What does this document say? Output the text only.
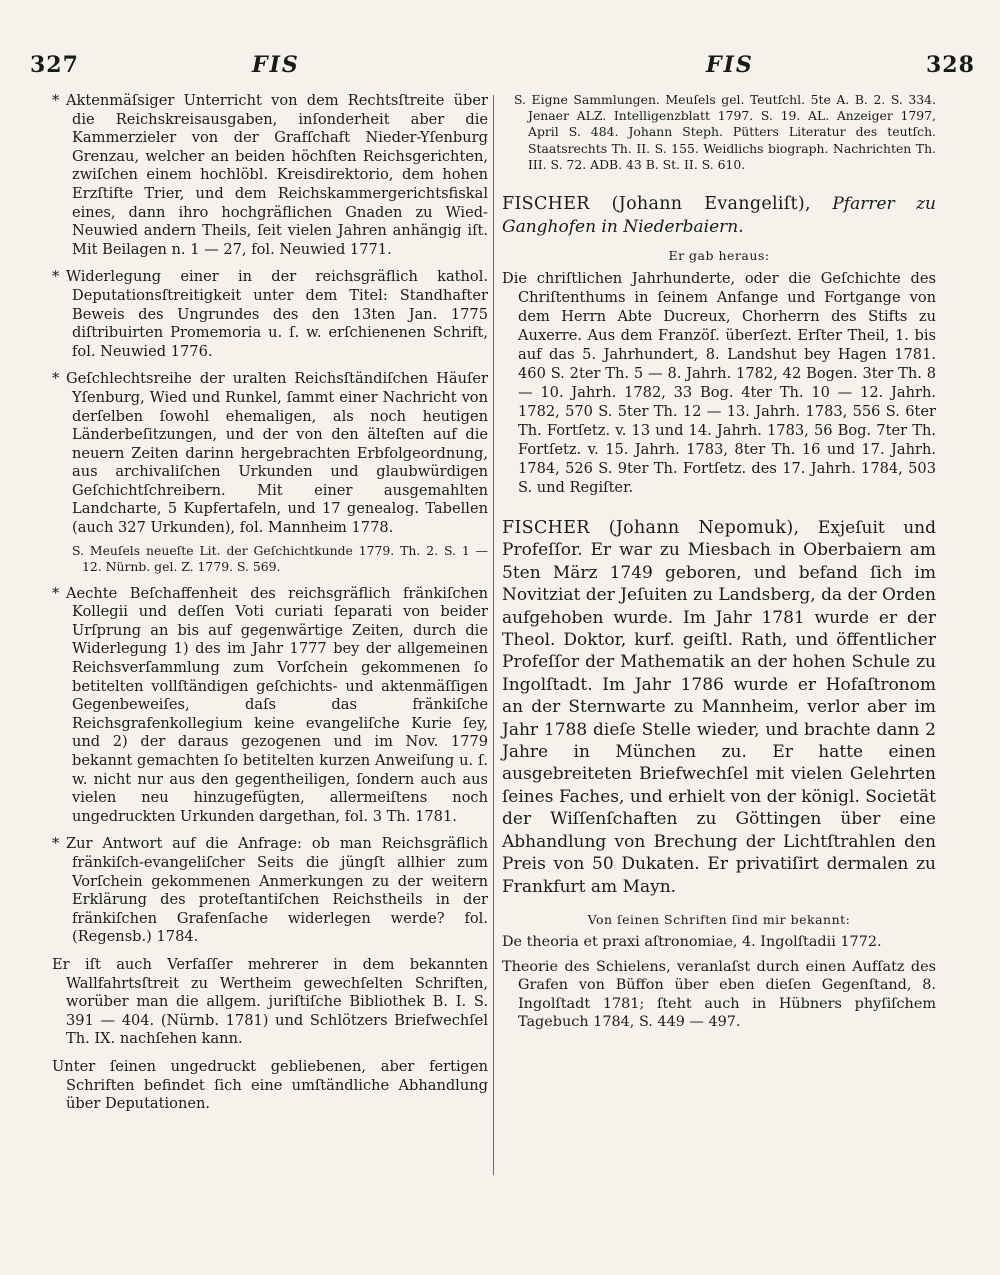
327	FIS	FIS	328

* Aktenmäſsiger Unterricht von dem Rechtsſtreite über die Reichskreisausgaben, inſonderheit aber die Kammerzieler von der Grafſchaft Nieder-Yſenburg Grenzau, welcher an beiden höchſten Reichsgerichten, zwiſchen einem hochlöbl. Kreisdirektorio, dem hohen Erzſtifte Trier, und dem Reichskammergerichtsfiskal eines, dann ihro hochgräflichen Gnaden zu Wied-Neuwied andern Theils, ſeit vielen Jahren anhängig iſt. Mit Beilagen n. 1 — 27, fol. Neuwied 1771.

* Widerlegung einer in der reichsgräflich kathol. Deputationsſtreitigkeit unter dem Titel: Standhafter Beweis des Ungrundes des den 13ten Jan. 1775 diſtribuirten Promemoria u. ſ. w. erſchienenen Schrift, fol. Neuwied 1776.

* Geſchlechtsreihe der uralten Reichsſtändiſchen Häuſer Yſenburg, Wied und Runkel, ſammt einer Nachricht von derſelben ſowohl ehemaligen, als noch heutigen Länderbeſitzungen, und der von den älteſten auf die neuern Zeiten darinn hergebrachten Erbfolgeordnung, aus archivaliſchen Urkunden und glaubwürdigen Geſchichtſchreibern. Mit einer ausgemahlten Landcharte, 5 Kupfertafeln, und 17 genealog. Tabellen (auch 327 Urkunden), fol. Mannheim 1778.

S. Meuſels neueſte Lit. der Geſchichtkunde 1779. Th. 2. S. 1 — 12. Nürnb. gel. Z. 1779. S. 569.

* Aechte Beſchaffenheit des reichsgräflich fränkiſchen Kollegii und deſſen Voti curiati ſeparati von beider Urſprung an bis auf gegenwärtige Zeiten, durch die Widerlegung 1) des im Jahr 1777 bey der allgemeinen Reichsverſammlung zum Vorſchein gekommenen ſo betitelten vollſtändigen geſchichts- und aktenmäſſigen Gegenbeweiſes, daſs das fränkiſche Reichsgrafenkollegium keine evangeliſche Kurie ſey, und 2) der daraus gezogenen und im Nov. 1779 bekannt gemachten ſo betitelten kurzen Anweiſung u. ſ. w. nicht nur aus den gegentheiligen, ſondern auch aus vielen neu hinzugefügten, allermeiſtens noch ungedruckten Urkunden dargethan, fol. 3 Th. 1781.

* Zur Antwort auf die Anfrage: ob man Reichsgräflich fränkiſch-evangeliſcher Seits die jüngſt allhier zum Vorſchein gekommenen Anmerkungen zu der weitern Erklärung des proteſtantiſchen Reichstheils in der fränkiſchen Grafenſache widerlegen werde? fol. (Regensb.) 1784.

Er iſt auch Verfaſſer mehrerer in dem bekannten Wallfahrtsſtreit zu Wertheim gewechſelten Schriften, worüber man die allgem. juriſtiſche Bibliothek B. I. S. 391 — 404. (Nürnb. 1781) und Schlötzers Briefwechſel Th. IX. nachſehen kann.

Unter ſeinen ungedruckt gebliebenen, aber fertigen Schriften befindet ſich eine umſtändliche Abhandlung über Deputationen.

S. Eigne Sammlungen. Meuſels gel. Teutſchl. 5te A. B. 2. S. 334. Jenaer ALZ. Intelligenzblatt 1797. S. 19. AL. Anzeiger 1797, April S. 484. Johann Steph. Pütters Literatur des teutſch. Staatsrechts Th. II. S. 155. Weidlichs biograph. Nachrichten Th. III. S. 72. ADB. 43 B. St. II. S. 610.

FISCHER (Johann Evangeliſt), Pfarrer zu Ganghofen in Niederbaiern.

Er gab heraus:

Die chriſtlichen Jahrhunderte, oder die Geſchichte des Chriſtenthums in ſeinem Anfange und Fortgange von dem Herrn Abte Ducreux, Chorherrn des Stifts zu Auxerre. Aus dem Franzöſ. überſezt. Erſter Theil, 1. bis auf das 5. Jahrhundert, 8. Landshut bey Hagen 1781. 460 S. 2ter Th. 5 — 8. Jahrh. 1782, 42 Bogen. 3ter Th. 8 — 10. Jahrh. 1782, 33 Bog. 4ter Th. 10 — 12. Jahrh. 1782, 570 S. 5ter Th. 12 — 13. Jahrh. 1783, 556 S. 6ter Th. Fortſetz. v. 13 und 14. Jahrh. 1783, 56 Bog. 7ter Th. Fortſetz. v. 15. Jahrh. 1783, 8ter Th. 16 und 17. Jahrh. 1784, 526 S. 9ter Th. Fortſetz. des 17. Jahrh. 1784, 503 S. und Regiſter.

FISCHER (Johann Nepomuk), Exjeſuit und Profeſſor. Er war zu Miesbach in Oberbaiern am 5ten März 1749 geboren, und befand ſich im Novitziat der Jeſuiten zu Landsberg, da der Orden aufgehoben wurde. Im Jahr 1781 wurde er der Theol. Doktor, kurf. geiſtl. Rath, und öffentlicher Profeſſor der Mathematik an der hohen Schule zu Ingolſtadt. Im Jahr 1786 wurde er Hofaſtronom an der Sternwarte zu Mannheim, verlor aber im Jahr 1788 dieſe Stelle wieder, und brachte dann 2 Jahre in München zu. Er hatte einen ausgebreiteten Briefwechſel mit vielen Gelehrten ſeines Faches, und erhielt von der königl. Societät der Wiſſenſchaften zu Göttingen über eine Abhandlung von Brechung der Lichtſtrahlen den Preis von 50 Dukaten. Er privatiſirt dermalen zu Frankfurt am Mayn.

Von ſeinen Schriften ſind mir bekannt:

De theoria et praxi aſtronomiae, 4. Ingolſtadii 1772.

Theorie des Schielens, veranlaſst durch einen Aufſatz des Grafen von Büffon über eben dieſen Gegenſtand, 8. Ingolſtadt 1781; ſteht auch in Hübners phyſiſchem Tagebuch 1784, S. 449 — 497.
